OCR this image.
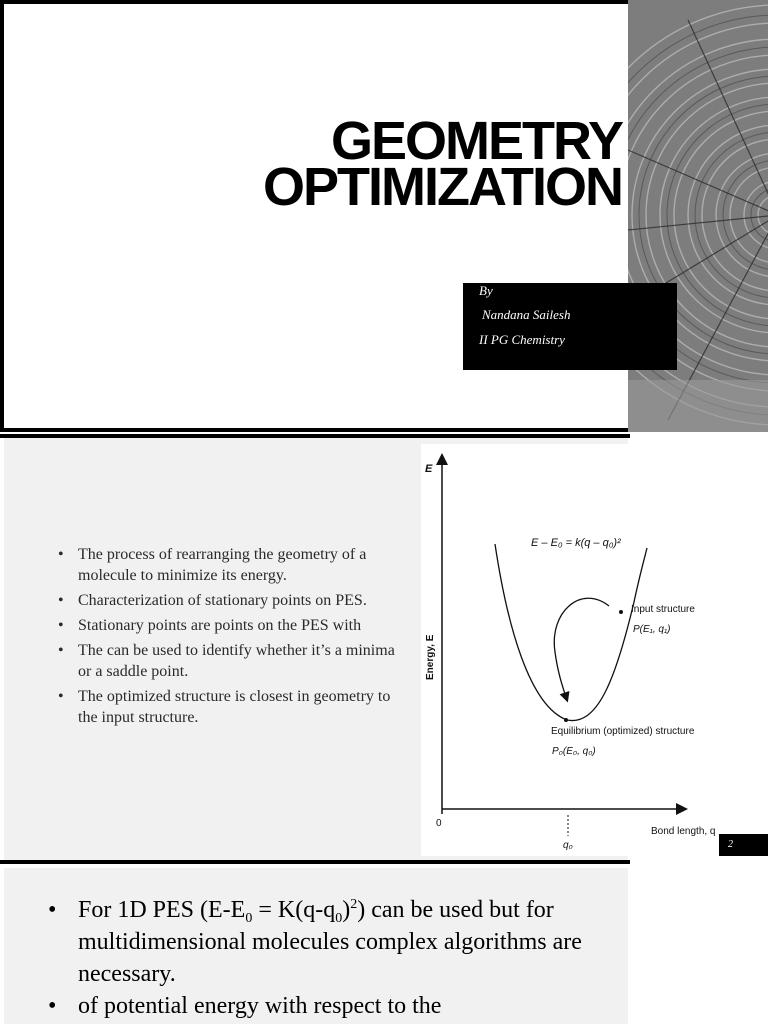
GEOMETRY
OPTIMIZATION
By
Nandana Sailesh
II PG Chemistry
• The process of rearranging the geometry of a molecule to minimize its energy.
• Characterization of stationary points on PES.
• Stationary points are points on the PES with
• The can be used to identify whether it’s a minima or a saddle point.
• The optimized structure is closest in geometry to the input structure.
E
Energy, E
E – E₀ = k(q – q₀)²
Input structure
P(E₁, q₁)
Equilibrium (optimized) structure
P₀(E₀, q₀)
0
Bond length, q
q₀	2
• For 1D PES $(E-E_0 = K(q-q_0)^2)$ can be used but for multidimensional molecules complex algorithms are necessary.
• of potential energy with respect to the
